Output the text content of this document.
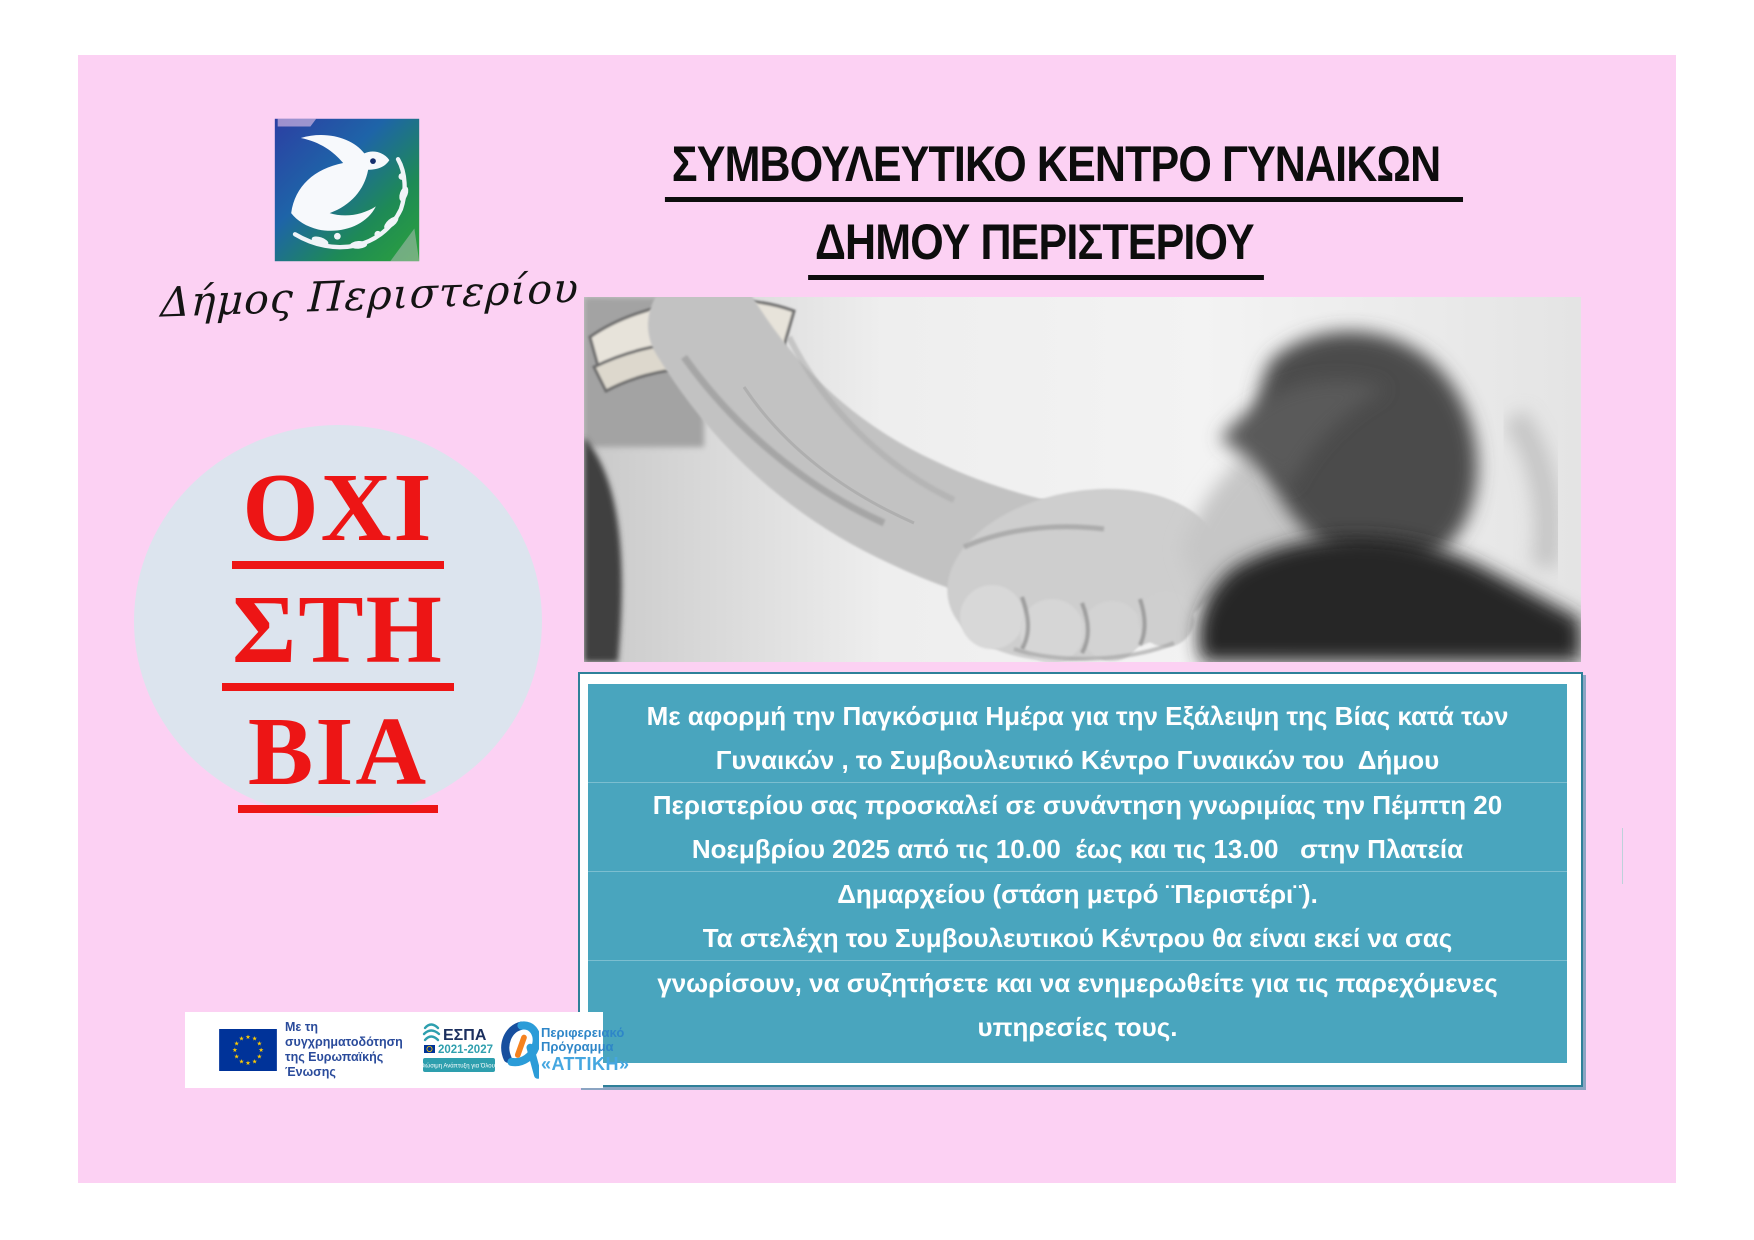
Δήμος Περιστερίου
ΣΥΜΒΟΥΛΕΥΤΙΚΟ ΚΕΝΤΡΟ ΓΥΝΑΙΚΩΝ
ΔΗΜΟΥ ΠΕΡΙΣΤΕΡΙΟΥ
ΟΧΙ
ΣΤΗ
ΒΙΑ	Με αφορμή την Παγκόσμια Ημέρα για την Εξάλειψη της Βίας κατά των
Γυναικών , το Συμβουλευτικό Κέντρο Γυναικών του  Δήμου
Περιστερίου σας προσκαλεί σε συνάντηση γνωριμίας την Πέμπτη 20
Νοεμβρίου 2025 από τις 10.00  έως και τις 13.00   στην Πλατεία
Δημαρχείου (στάση μετρό ¨Περιστέρι¨).
Τα στελέχη του Συμβουλευτικού Κέντρου θα είναι εκεί να σας
γνωρίσουν, να συζητήσετε και να ενημερωθείτε για τις παρεχόμενες
υπηρεσίες τους.
★ ★
★
★
★
★
★
★
★
★
★
★
Με τη συγχρηματοδότηση
της Ευρωπαϊκής Ένωσης
ΕΣΠΑ
2021-2027
Βιώσιμη Ανάπτυξη για Όλους
Περιφερειακό
Πρόγραμμα
«ΑΤΤΙΚΗ»
